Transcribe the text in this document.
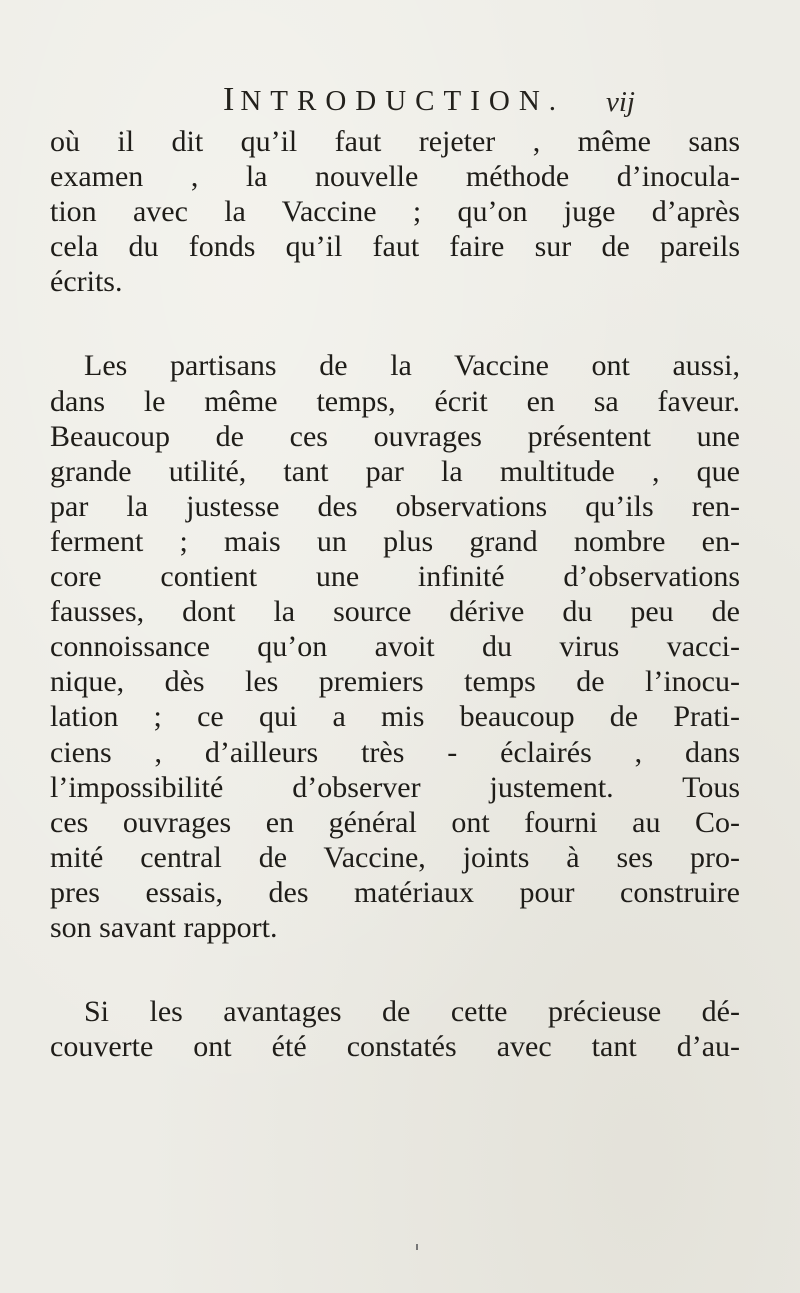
INTRODUCTION. vij
où il dit qu’il faut rejeter , même sans
examen , la nouvelle méthode d’inocula-
tion avec la Vaccine ; qu’on juge d’après
cela du fonds qu’il faut faire sur de pareils
écrits.
Les partisans de la Vaccine ont aussi,
dans le même temps, écrit en sa faveur.
Beaucoup de ces ouvrages présentent une
grande utilité, tant par la multitude , que
par la justesse des observations qu’ils ren-
ferment ; mais un plus grand nombre en-
core contient une infinité d’observations
fausses, dont la source dérive du peu de
connoissance qu’on avoit du virus vacci-
nique, dès les premiers temps de l’inocu-
lation ; ce qui a mis beaucoup de Prati-
ciens , d’ailleurs très - éclairés , dans
l’impossibilité d’observer justement. Tous
ces ouvrages en général ont fourni au Co-
mité central de Vaccine, joints à ses pro-
pres essais, des matériaux pour construire
son savant rapport.
Si les avantages de cette précieuse dé-
couverte ont été constatés avec tant d’au-
